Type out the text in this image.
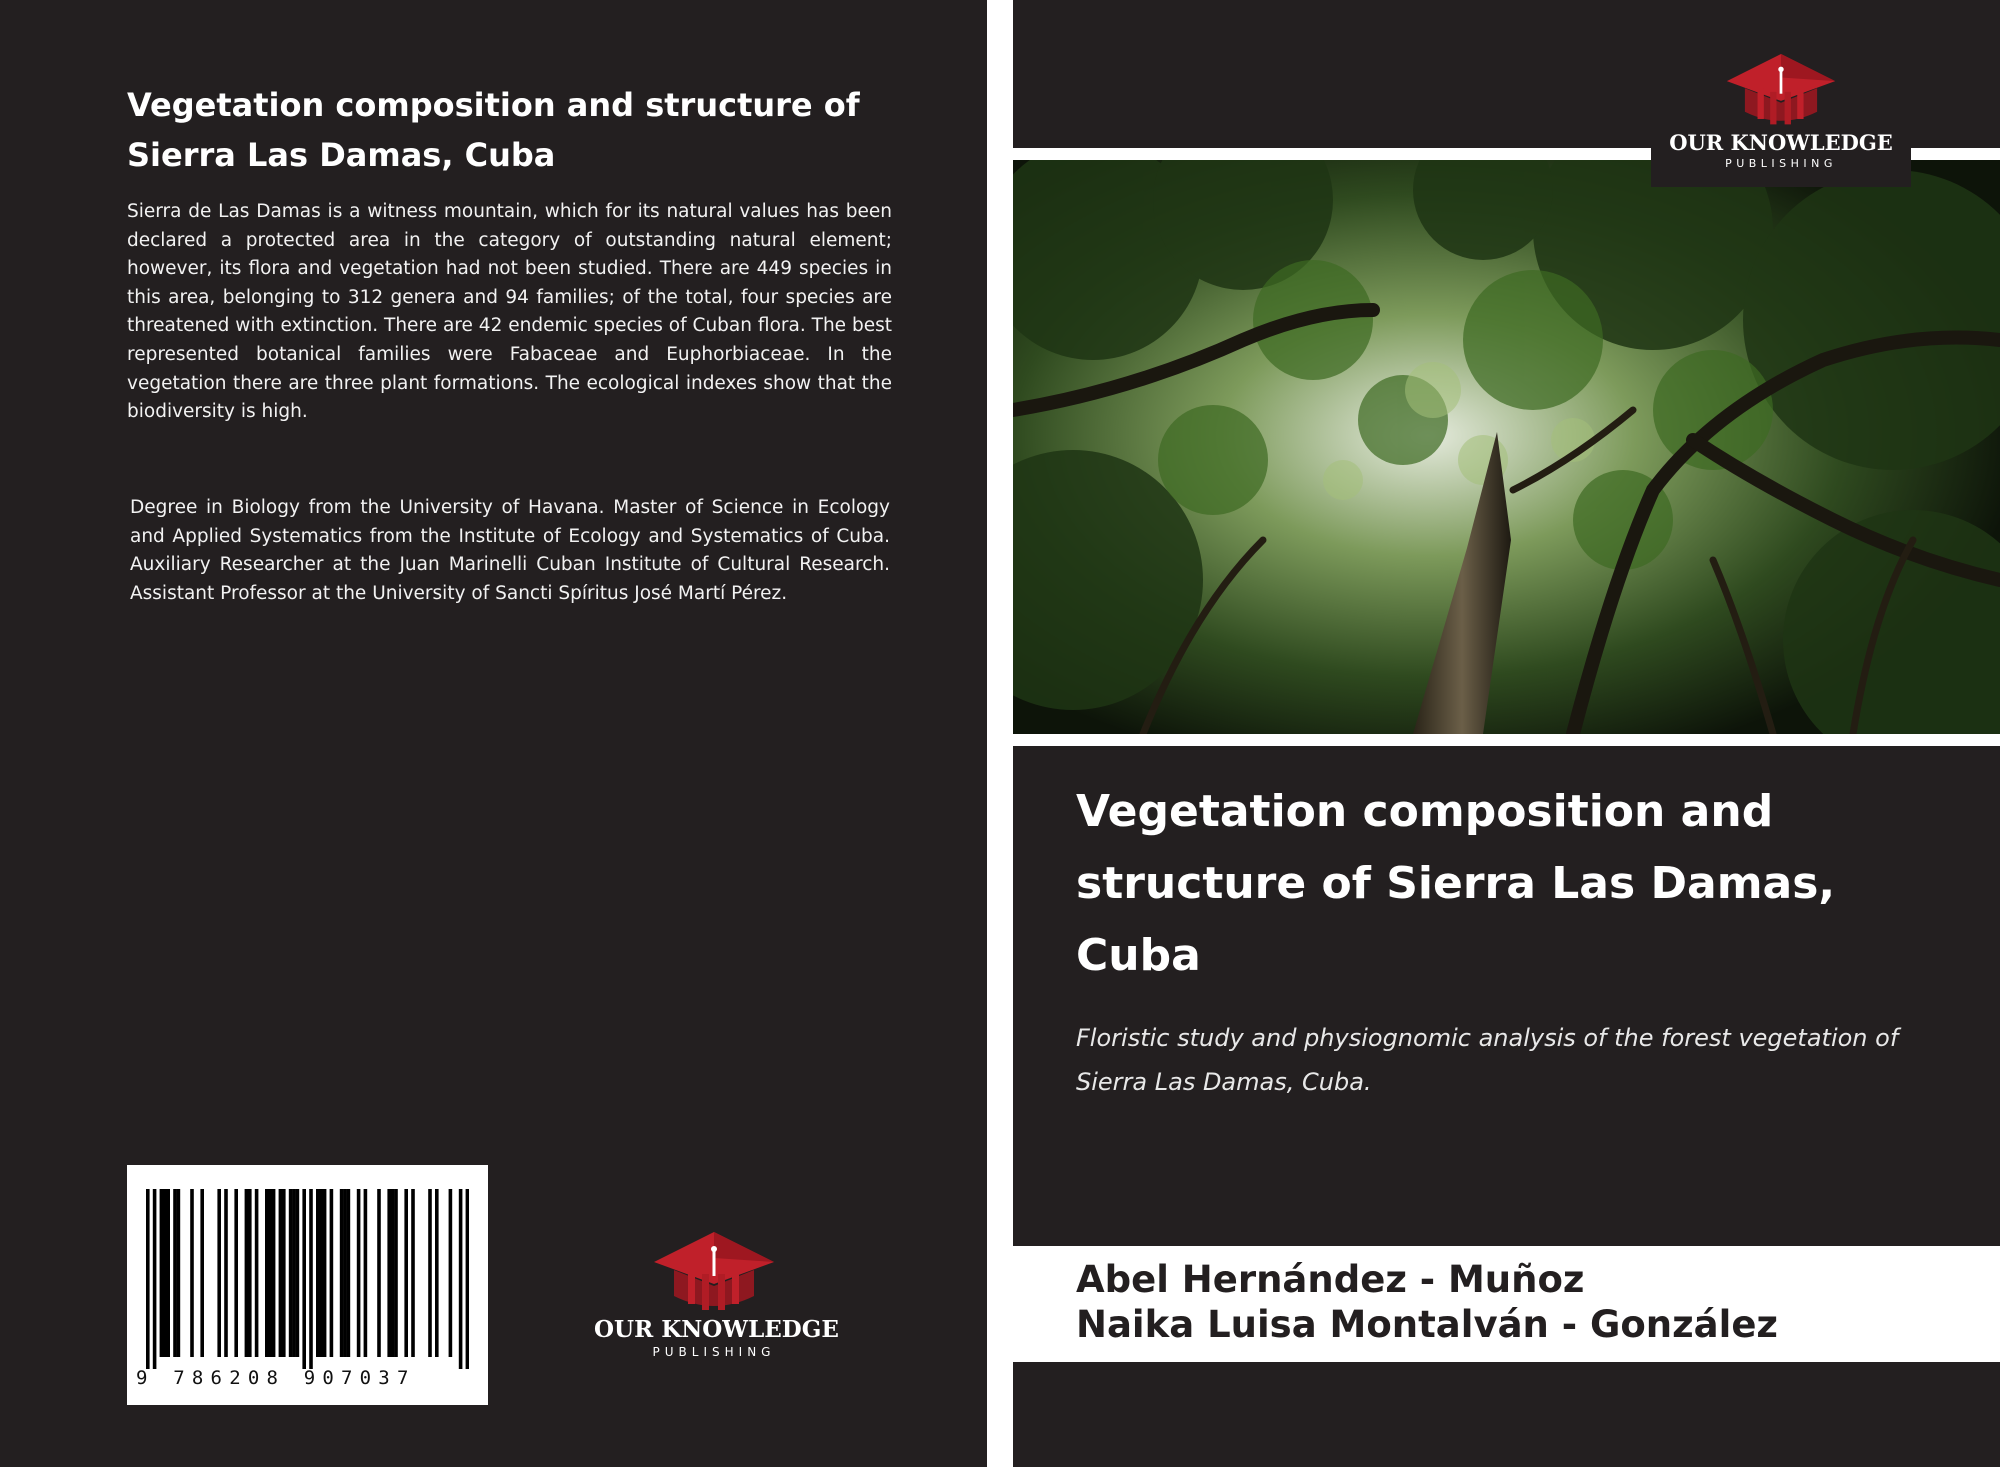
Vegetation composition and structure of Sierra Las Damas, Cuba

Sierra de Las Damas is a witness mountain, which for its natural values has been declared a protected area in the category of outstanding natural element; however, its flora and vegetation had not been studied. There are 449 species in this area, belonging to 312 genera and 94 families; of the total, four species are threatened with extinction. There are 42 endemic species of Cuban flora. The best represented botanical families were Fabaceae and Euphorbiaceae. In the vegetation there are three plant formations. The ecological indexes show that the biodiversity is high.

Degree in Biology from the University of Havana. Master of Science in Ecology and Applied Systematics from the Institute of Ecology and Systematics of Cuba. Auxiliary Researcher at the Juan Marinelli Cuban Institute of Cultural Research. Assistant Professor at the University of Sancti Spíritus José Martí Pérez.

9 786208 907037
OUR KNOWLEDGE
PUBLISHING
OUR KNOWLEDGE
PUBLISHING
Vegetation composition and structure of Sierra Las Damas, Cuba

Floristic study and physiognomic analysis of the forest vegetation of Sierra Las Damas, Cuba.

Abel Hernández - Muñoz
Naika Luisa Montalván - González
